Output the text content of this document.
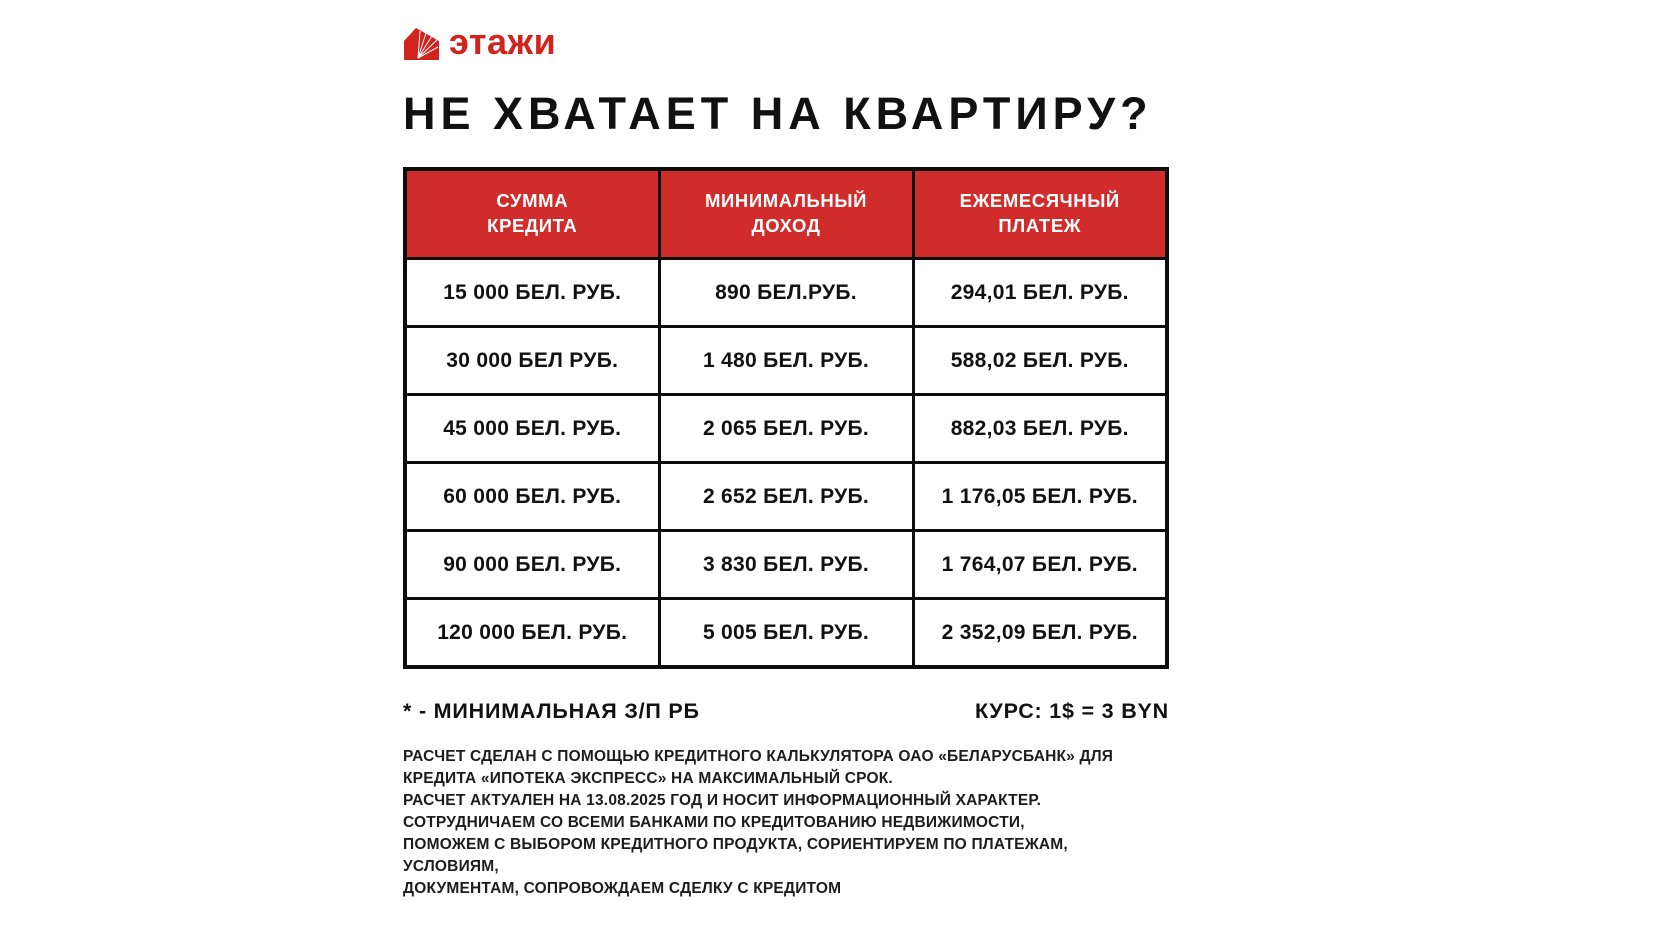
этажи
НЕ ХВАТАЕТ НА КВАРТИРУ?
СУММА
КРЕДИТА

МИНИМАЛЬНЫЙ
ДОХОД

ЕЖЕМЕСЯЧНЫЙ
ПЛАТЕЖ

15 000 БЕЛ. РУБ.	890 БЕЛ.РУБ.	294,01 БЕЛ. РУБ.
30 000 БЕЛ РУБ.	1 480 БЕЛ. РУБ.	588,02 БЕЛ. РУБ.
45 000 БЕЛ. РУБ.	2 065 БЕЛ. РУБ.	882,03 БЕЛ. РУБ.
60 000 БЕЛ. РУБ.	2 652 БЕЛ. РУБ.	1 176,05 БЕЛ. РУБ.
90 000 БЕЛ. РУБ.	3 830 БЕЛ. РУБ.	1 764,07 БЕЛ. РУБ.
120 000 БЕЛ. РУБ.	5 005 БЕЛ. РУБ.	2 352,09 БЕЛ. РУБ.
* - МИНИМАЛЬНАЯ З/П РБ	КУРС: 1$ = 3 BYN
РАСЧЕТ СДЕЛАН С ПОМОЩЬЮ КРЕДИТНОГО КАЛЬКУЛЯТОРА ОАО «БЕЛАРУСБАНК» ДЛЯ
КРЕДИТА «ИПОТЕКА ЭКСПРЕСС» НА МАКСИМАЛЬНЫЙ СРОК.
РАСЧЕТ АКТУАЛЕН НА 13.08.2025 ГОД И НОСИТ ИНФОРМАЦИОННЫЙ ХАРАКТЕР.
СОТРУДНИЧАЕМ СО ВСЕМИ БАНКАМИ ПО КРЕДИТОВАНИЮ НЕДВИЖИМОСТИ,
ПОМОЖЕМ С ВЫБОРОМ КРЕДИТНОГО ПРОДУКТА, СОРИЕНТИРУЕМ ПО ПЛАТЕЖАМ,
УСЛОВИЯМ,
ДОКУМЕНТАМ, СОПРОВОЖДАЕМ СДЕЛКУ С КРЕДИТОМ
